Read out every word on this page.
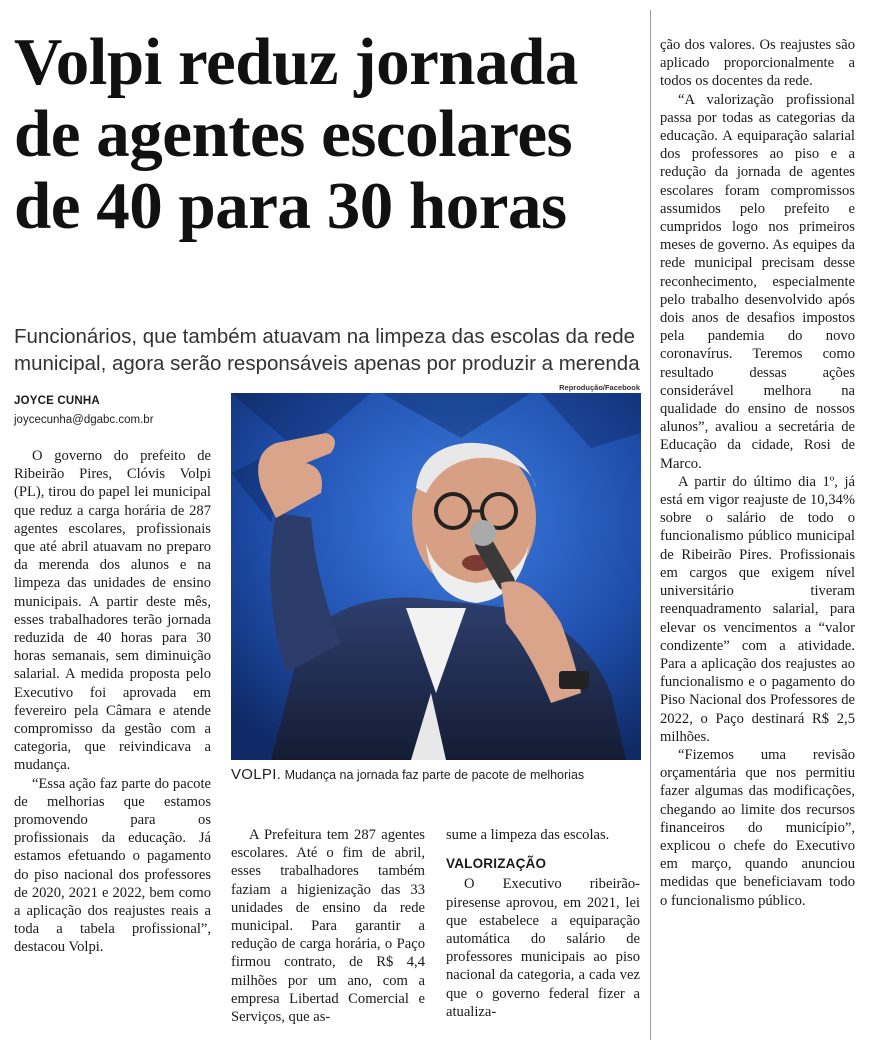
Volpi reduz jornada
de agentes escolares
de 40 para 30 horas
Funcionários, que também atuavam na limpeza das escolas da rede municipal, agora serão responsáveis apenas por produzir a merenda
JOYCE CUNHA
joycecunha@dgabc.com.br
Reprodução/Facebook
VOLPI. Mudança na jornada faz parte de pacote de melhorias

O governo do prefeito de Ribeirão Pires, Clóvis Volpi (PL), tirou do papel lei municipal que reduz a carga horária de 287 agentes escolares, profissionais que até abril atuavam no preparo da merenda dos alunos e na limpeza das unidades de ensino municipais. A partir deste mês, esses trabalhadores terão jornada reduzida de 40 horas para 30 horas semanais, sem diminuição salarial. A medida proposta pelo Executivo foi aprovada em fevereiro pela Câmara e atende compromisso da gestão com a categoria, que reivindicava a mudança.

“Essa ação faz parte do pacote de melhorias que estamos promovendo para os profissionais da educação. Já estamos efetuando o pagamento do piso nacional dos professores de 2020, 2021 e 2022, bem como a aplicação dos reajustes reais a toda a tabela profissional”, destacou Volpi.

A Prefeitura tem 287 agentes escolares. Até o fim de abril, esses trabalhadores também faziam a higienização das 33 unidades de ensino da rede municipal. Para garantir a redução de carga horária, o Paço firmou contrato, de R$ 4,4 milhões por um ano, com a empresa Libertad Comercial e Serviços, que as-

sume a limpeza das escolas.

VALORIZAÇÃO

O Executivo ribeirão-piresense aprovou, em 2021, lei que estabelece a equiparação automática do salário de professores municipais ao piso nacional da categoria, a cada vez que o governo federal fizer a atualiza-

ção dos valores. Os reajustes são aplicado proporcionalmente a todos os docentes da rede.

“A valorização profissional passa por todas as categorias da educação. A equiparação salarial dos professores ao piso e a redução da jornada de agentes escolares foram compromissos assumidos pelo prefeito e cumpridos logo nos primeiros meses de governo. As equipes da rede municipal precisam desse reconhecimento, especialmente pelo trabalho desenvolvido após dois anos de desafios impostos pela pandemia do novo coronavírus. Teremos como resultado dessas ações considerável melhora na qualidade do ensino de nossos alunos”, avaliou a secretária de Educação da cidade, Rosi de Marco.

A partir do último dia 1º, já está em vigor reajuste de 10,34% sobre o salário de todo o funcionalismo público municipal de Ribeirão Pires. Profissionais em cargos que exigem nível universitário tiveram reenquadramento salarial, para elevar os vencimentos a “valor condizente” com a atividade. Para a aplicação dos reajustes ao funcionalismo e o pagamento do Piso Nacional dos Professores de 2022, o Paço destinará R$ 2,5 milhões.

“Fizemos uma revisão orçamentária que nos permitiu fazer algumas das modificações, chegando ao limite dos recursos financeiros do município”, explicou o chefe do Executivo em março, quando anunciou medidas que beneficiavam todo o funcionalismo público.
